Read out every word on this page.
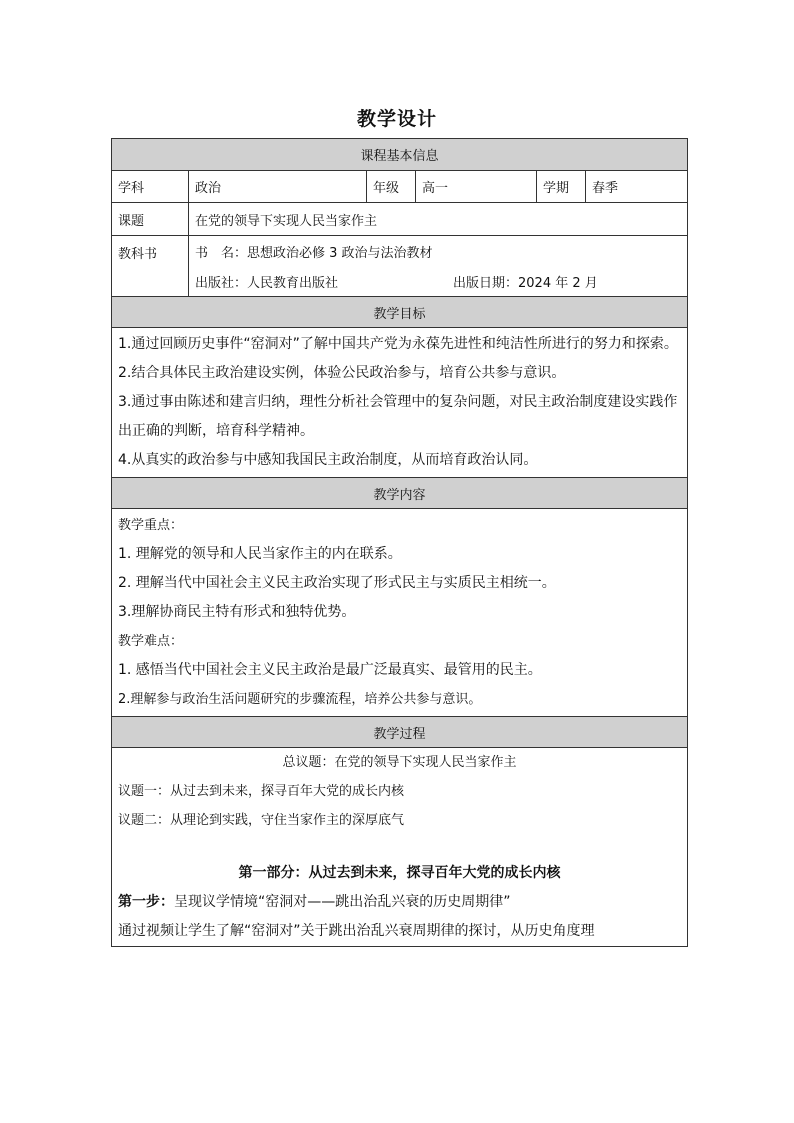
教学设计
课程基本信息
学科	政治	年级	高一	学期	春季
课题	在党的领导下实现人民当家作主
教科书	书　名：思想政治必修 3 政治与法治教材
出版社：人民教育出版社	出版日期：2024 年 2 月
教学目标
1.通过回顾历史事件“窑洞对”了解中国共产党为永葆先进性和纯洁性所进行的努力和探索。
2.结合具体民主政治建设实例，体验公民政治参与，培育公共参与意识。
3.通过事由陈述和建言归纳，理性分析社会管理中的复杂问题，对民主政治制度建设实践作出正确的判断，培育科学精神。
4.从真实的政治参与中感知我国民主政治制度，从而培育政治认同。
教学内容
教学重点：
1. 理解党的领导和人民当家作主的内在联系。
2. 理解当代中国社会主义民主政治实现了形式民主与实质民主相统一。
3.理解协商民主特有形式和独特优势。
教学难点：
1. 感悟当代中国社会主义民主政治是最广泛最真实、最管用的民主。
2.理解参与政治生活问题研究的步骤流程，培养公共参与意识。
教学过程
总议题：在党的领导下实现人民当家作主
议题一：从过去到未来，探寻百年大党的成长内核
议题二：从理论到实践，守住当家作主的深厚底气
第一部分：从过去到未来，探寻百年大党的成长内核
第一步：呈现议学情境“窑洞对——跳出治乱兴衰的历史周期律”
通过视频让学生了解“窑洞对”关于跳出治乱兴衰周期律的探讨，从历史角度理
